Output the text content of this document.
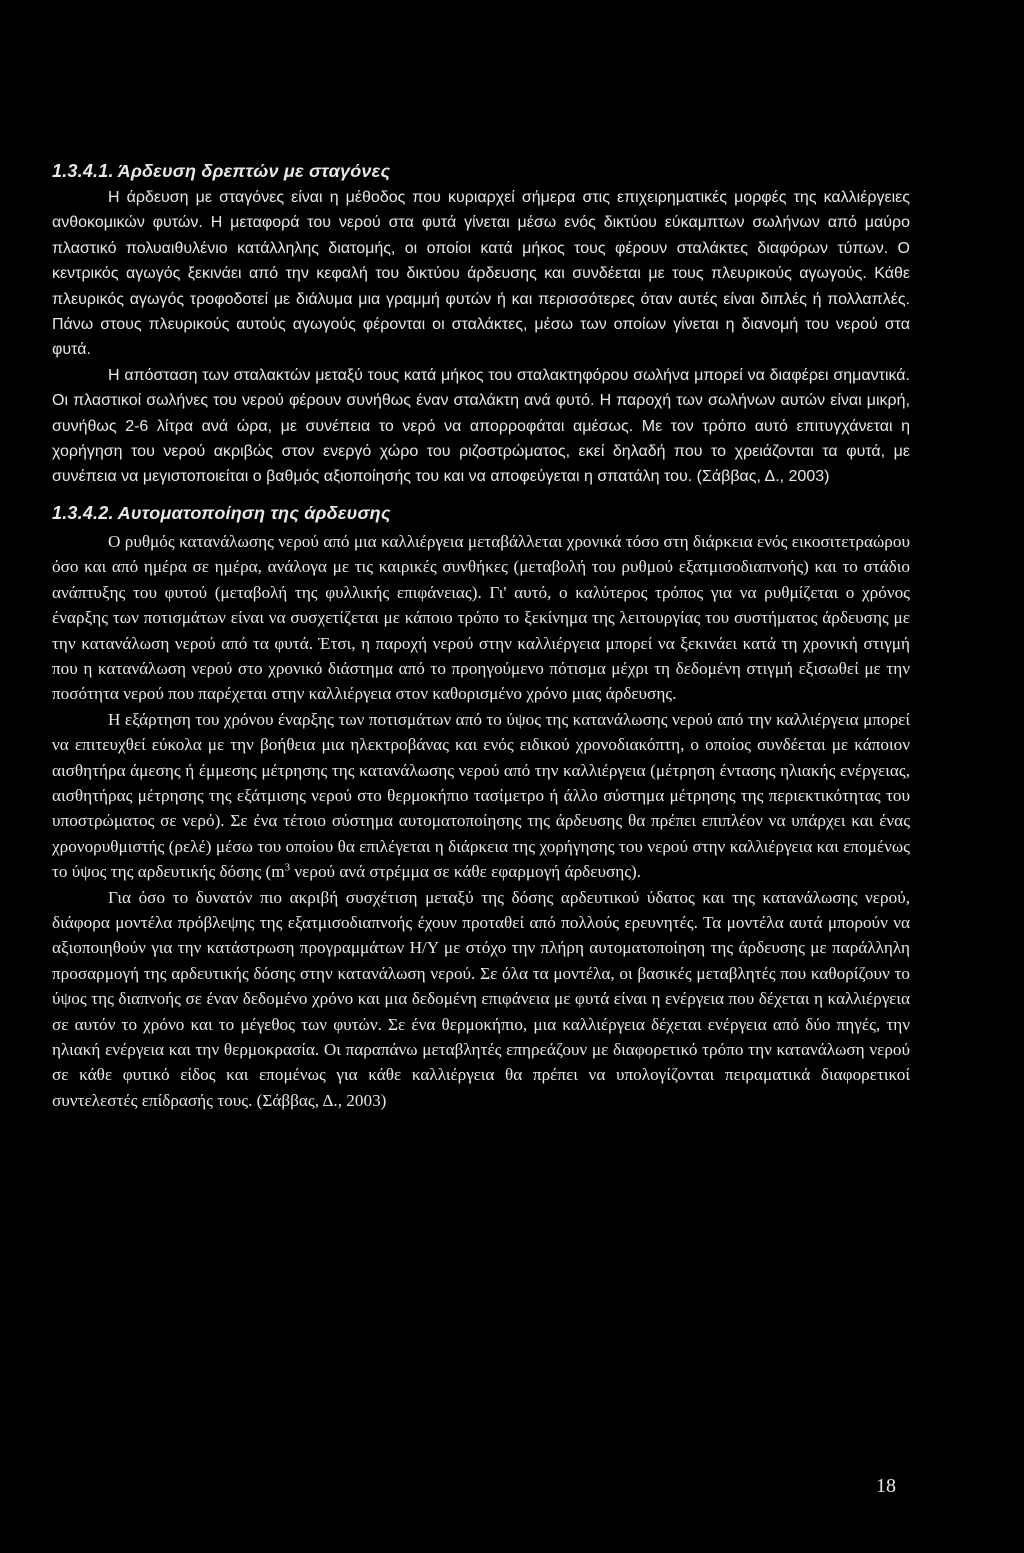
1.3.4.1. Άρδευση δρεπτών με σταγόνες

Η άρδευση με σταγόνες είναι η μέθοδος που κυριαρχεί σήμερα στις επιχειρηματικές μορφές της καλλιέργειες ανθοκομικών φυτών. Η μεταφορά του νερού στα φυτά γίνεται μέσω ενός δικτύου εύκαμπτων σωλήνων από μαύρο πλαστικό πολυαιθυλένιο κατάλληλης διατομής, οι οποίοι κατά μήκος τους φέρουν σταλάκτες διαφόρων τύπων. Ο κεντρικός αγωγός ξεκινάει από την κεφαλή του δικτύου άρδευσης και συνδέεται με τους πλευρικούς αγωγούς. Κάθε πλευρικός αγωγός τροφοδοτεί με διάλυμα μια γραμμή φυτών ή και περισσότερες όταν αυτές είναι διπλές ή πολλαπλές. Πάνω στους πλευρικούς αυτούς αγωγούς φέρονται οι σταλάκτες, μέσω των οποίων γίνεται η διανομή του νερού στα φυτά.

Η απόσταση των σταλακτών μεταξύ τους κατά μήκος του σταλακτηφόρου σωλήνα μπορεί να διαφέρει σημαντικά. Οι πλαστικοί σωλήνες του νερού φέρουν συνήθως έναν σταλάκτη ανά φυτό. Η παροχή των σωλήνων αυτών είναι μικρή, συνήθως 2-6 λίτρα ανά ώρα, με συνέπεια το νερό να απορροφάται αμέσως. Με τον τρόπο αυτό επιτυγχάνεται η χορήγηση του νερού ακριβώς στον ενεργό χώρο του ριζοστρώματος, εκεί δηλαδή που το χρειάζονται τα φυτά, με συνέπεια να μεγιστοποιείται ο βαθμός αξιοποίησής του και να αποφεύγεται η σπατάλη του. (Σάββας, Δ., 2003)

1.3.4.2. Αυτοματοποίηση της άρδευσης

Ο ρυθμός κατανάλωσης νερού από μια καλλιέργεια μεταβάλλεται χρονικά τόσο στη διάρκεια ενός εικοσιτετραώρου όσο και από ημέρα σε ημέρα, ανάλογα με τις καιρικές συνθήκες (μεταβολή του ρυθμού εξατμισοδιαπνοής) και το στάδιο ανάπτυξης του φυτού (μεταβολή της φυλλικής επιφάνειας). Γι' αυτό, ο καλύτερος τρόπος για να ρυθμίζεται ο χρόνος έναρξης των ποτισμάτων είναι να συσχετίζεται με κάποιο τρόπο το ξεκίνημα της λειτουργίας του συστήματος άρδευσης με την κατανάλωση νερού από τα φυτά. Έτσι, η παροχή νερού στην καλλιέργεια μπορεί να ξεκινάει κατά τη χρονική στιγμή που η κατανάλωση νερού στο χρονικό διάστημα από το προηγούμενο πότισμα μέχρι τη δεδομένη στιγμή εξισωθεί με την ποσότητα νερού που παρέχεται στην καλλιέργεια στον καθορισμένο χρόνο μιας άρδευσης.

Η εξάρτηση του χρόνου έναρξης των ποτισμάτων από το ύψος της κατανάλωσης νερού από την καλλιέργεια μπορεί να επιτευχθεί εύκολα με την βοήθεια μια ηλεκτροβάνας και ενός ειδικού χρονοδιακόπτη, ο οποίος συνδέεται με κάποιον αισθητήρα άμεσης ή έμμεσης μέτρησης της κατανάλωσης νερού από την καλλιέργεια (μέτρηση έντασης ηλιακής ενέργειας, αισθητήρας μέτρησης της εξάτμισης νερού στο θερμοκήπιο τασίμετρο ή άλλο σύστημα μέτρησης της περιεκτικότητας του υποστρώματος σε νερό). Σε ένα τέτοιο σύστημα αυτοματοποίησης της άρδευσης θα πρέπει επιπλέον να υπάρχει και ένας χρονορυθμιστής (ρελέ) μέσω του οποίου θα επιλέγεται η διάρκεια της χορήγησης του νερού στην καλλιέργεια και επομένως το ύψος της αρδευτικής δόσης ($m^3$ νερού ανά στρέμμα σε κάθε εφαρμογή άρδευσης).

Για όσο το δυνατόν πιο ακριβή συσχέτιση μεταξύ της δόσης αρδευτικού ύδατος και της κατανάλωσης νερού, διάφορα μοντέλα πρόβλεψης της εξατμισοδιαπνοής έχουν προταθεί από πολλούς ερευνητές. Τα μοντέλα αυτά μπορούν να αξιοποιηθούν για την κατάστρωση προγραμμάτων Η/Υ με στόχο την πλήρη αυτοματοποίηση της άρδευσης με παράλληλη προσαρμογή της αρδευτικής δόσης στην κατανάλωση νερού. Σε όλα τα μοντέλα, οι βασικές μεταβλητές που καθορίζουν το ύψος της διαπνοής σε έναν δεδομένο χρόνο και μια δεδομένη επιφάνεια με φυτά είναι η ενέργεια που δέχεται η καλλιέργεια σε αυτόν το χρόνο και το μέγεθος των φυτών. Σε ένα θερμοκήπιο, μια καλλιέργεια δέχεται ενέργεια από δύο πηγές, την ηλιακή ενέργεια και την θερμοκρασία. Οι παραπάνω μεταβλητές επηρεάζουν με διαφορετικό τρόπο την κατανάλωση νερού σε κάθε φυτικό είδος και επομένως για κάθε καλλιέργεια θα πρέπει να υπολογίζονται πειραματικά διαφορετικοί συντελεστές επίδρασής τους. (Σάββας, Δ., 2003)

18
